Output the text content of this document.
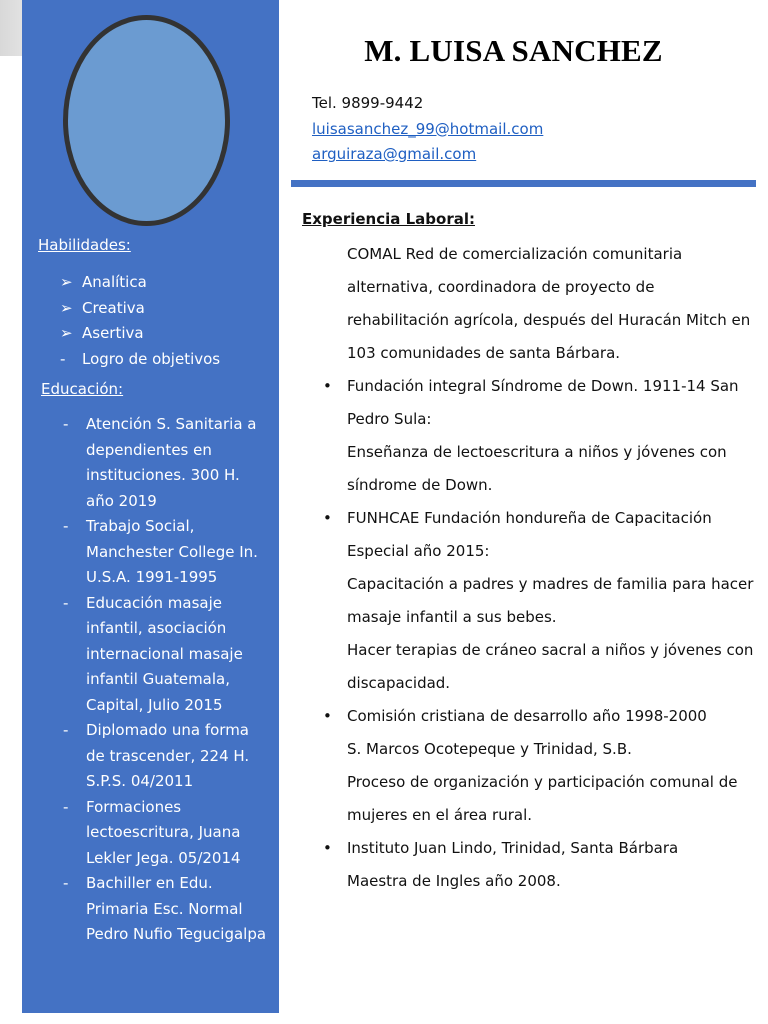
Habilidades:
➢ Analítica
➢ Creativa
➢ Asertiva
- Logro de objetivos
Educación:
- Atención S. Sanitaria a dependientes en instituciones. 300 H. año 2019
- Trabajo Social, Manchester College In. U.S.A. 1991-1995
- Educación masaje infantil, asociación internacional masaje infantil Guatemala, Capital, Julio 2015
- Diplomado una forma de trascender, 224 H. S.P.S. 04/2011
- Formaciones lectoescritura, Juana Lekler Jega. 05/2014
- Bachiller en Edu. Primaria Esc. Normal Pedro Nufio Tegucigalpa
M. LUISA SANCHEZ
Tel. 9899-9442
luisasanchez_99@hotmail.com
arguiraza@gmail.com
Experiencia Laboral:
COMAL Red de comercialización comunitaria
alternativa, coordinadora de proyecto de
rehabilitación agrícola, después del Huracán Mitch en
103 comunidades de santa Bárbara.
• Fundación integral Síndrome de Down. 1911-14 San
Pedro Sula:
Enseñanza de lectoescritura a niños y jóvenes con
síndrome de Down.
• FUNHCAE Fundación hondureña de Capacitación
Especial año 2015:
Capacitación a padres y madres de familia para hacer
masaje infantil a sus bebes.
Hacer terapias de cráneo sacral a niños y jóvenes con
discapacidad.
• Comisión cristiana de desarrollo año 1998-2000
S. Marcos Ocotepeque y Trinidad, S.B.
Proceso de organización y participación comunal de
mujeres en el área rural.
• Instituto Juan Lindo, Trinidad, Santa Bárbara
Maestra de Ingles año 2008.
